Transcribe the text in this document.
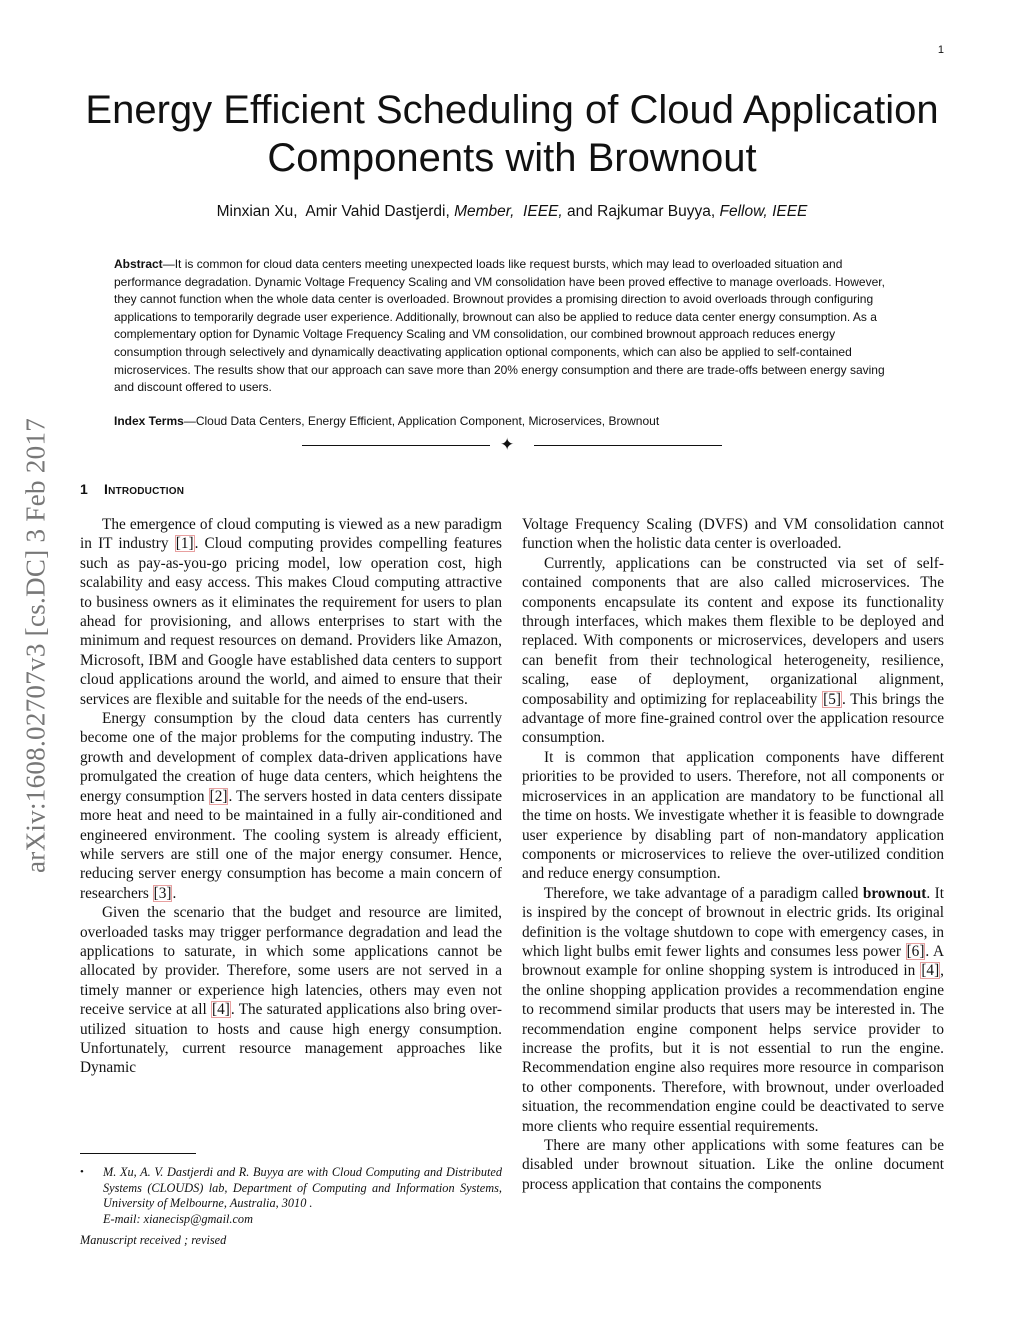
1
arXiv:1608.02707v3 [cs.DC] 3 Feb 2017
Energy Efficient Scheduling of Cloud Application Components with Brownout
Minxian Xu, Amir Vahid Dastjerdi, Member, IEEE, and Rajkumar Buyya, Fellow, IEEE

Abstract—It is common for cloud data centers meeting unexpected loads like request bursts, which may lead to overloaded situation and performance degradation. Dynamic Voltage Frequency Scaling and VM consolidation have been proved effective to manage overloads. However, they cannot function when the whole data center is overloaded. Brownout provides a promising direction to avoid overloads through configuring applications to temporarily degrade user experience. Additionally, brownout can also be applied to reduce data center energy consumption. As a complementary option for Dynamic Voltage Frequency Scaling and VM consolidation, our combined brownout approach reduces energy consumption through selectively and dynamically deactivating application optional components, which can also be applied to self-contained microservices. The results show that our approach can save more than 20% energy consumption and there are trade-offs between energy saving and discount offered to users.

Index Terms—Cloud Data Centers, Energy Efficient, Application Component, Microservices, Brownout

✦
1 Introduction

The emergence of cloud computing is viewed as a new paradigm in IT industry [1]. Cloud computing provides compelling features such as pay-as-you-go pricing model, low operation cost, high scalability and easy access. This makes Cloud computing attractive to business owners as it eliminates the requirement for users to plan ahead for provisioning, and allows enterprises to start with the minimum and request resources on demand. Providers like Amazon, Microsoft, IBM and Google have established data centers to support cloud applications around the world, and aimed to ensure that their services are flexible and suitable for the needs of the end-users.

Energy consumption by the cloud data centers has currently become one of the major problems for the computing industry. The growth and development of complex data-driven applications have promulgated the creation of huge data centers, which heightens the energy consumption [2]. The servers hosted in data centers dissipate more heat and need to be maintained in a fully air-conditioned and engineered environment. The cooling system is already efficient, while servers are still one of the major energy consumer. Hence, reducing server energy consumption has become a main concern of researchers [3].

Given the scenario that the budget and resource are limited, overloaded tasks may trigger performance degradation and lead the applications to saturate, in which some applications cannot be allocated by provider. Therefore, some users are not served in a timely manner or experience high latencies, others may even not receive service at all [4]. The saturated applications also bring over-utilized situation to hosts and cause high energy consumption. Unfortunately, current resource management approaches like Dynamic

Voltage Frequency Scaling (DVFS) and VM consolidation cannot function when the holistic data center is overloaded.

Currently, applications can be constructed via set of self-contained components that are also called microservices. The components encapsulate its content and expose its functionality through interfaces, which makes them flexible to be deployed and replaced. With components or microservices, developers and users can benefit from their technological heterogeneity, resilience, scaling, ease of deployment, organizational alignment, composability and optimizing for replaceability [5]. This brings the advantage of more fine-grained control over the application resource consumption.

It is common that application components have different priorities to be provided to users. Therefore, not all components or microservices in an application are mandatory to be functional all the time on hosts. We investigate whether it is feasible to downgrade user experience by disabling part of non-mandatory application components or microservices to relieve the over-utilized condition and reduce energy consumption.

Therefore, we take advantage of a paradigm called brownout. It is inspired by the concept of brownout in electric grids. Its original definition is the voltage shutdown to cope with emergency cases, in which light bulbs emit fewer lights and consumes less power [6]. A brownout example for online shopping system is introduced in [4], the online shopping application provides a recommendation engine to recommend similar products that users may be interested in. The recommendation engine component helps service provider to increase the profits, but it is not essential to run the engine. Recommendation engine also requires more resource in comparison to other components. Therefore, with brownout, under overloaded situation, the recommendation engine could be deactivated to serve more clients who require essential requirements.

There are many other applications with some features can be disabled under brownout situation. Like the online document process application that contains the components

• M. Xu, A. V. Dastjerdi and R. Buyya are with Cloud Computing and Distributed Systems (CLOUDS) lab, Department of Computing and Information Systems, University of Melbourne, Australia, 3010 .
E-mail: xianecisp@gmail.com
Manuscript received ; revised
